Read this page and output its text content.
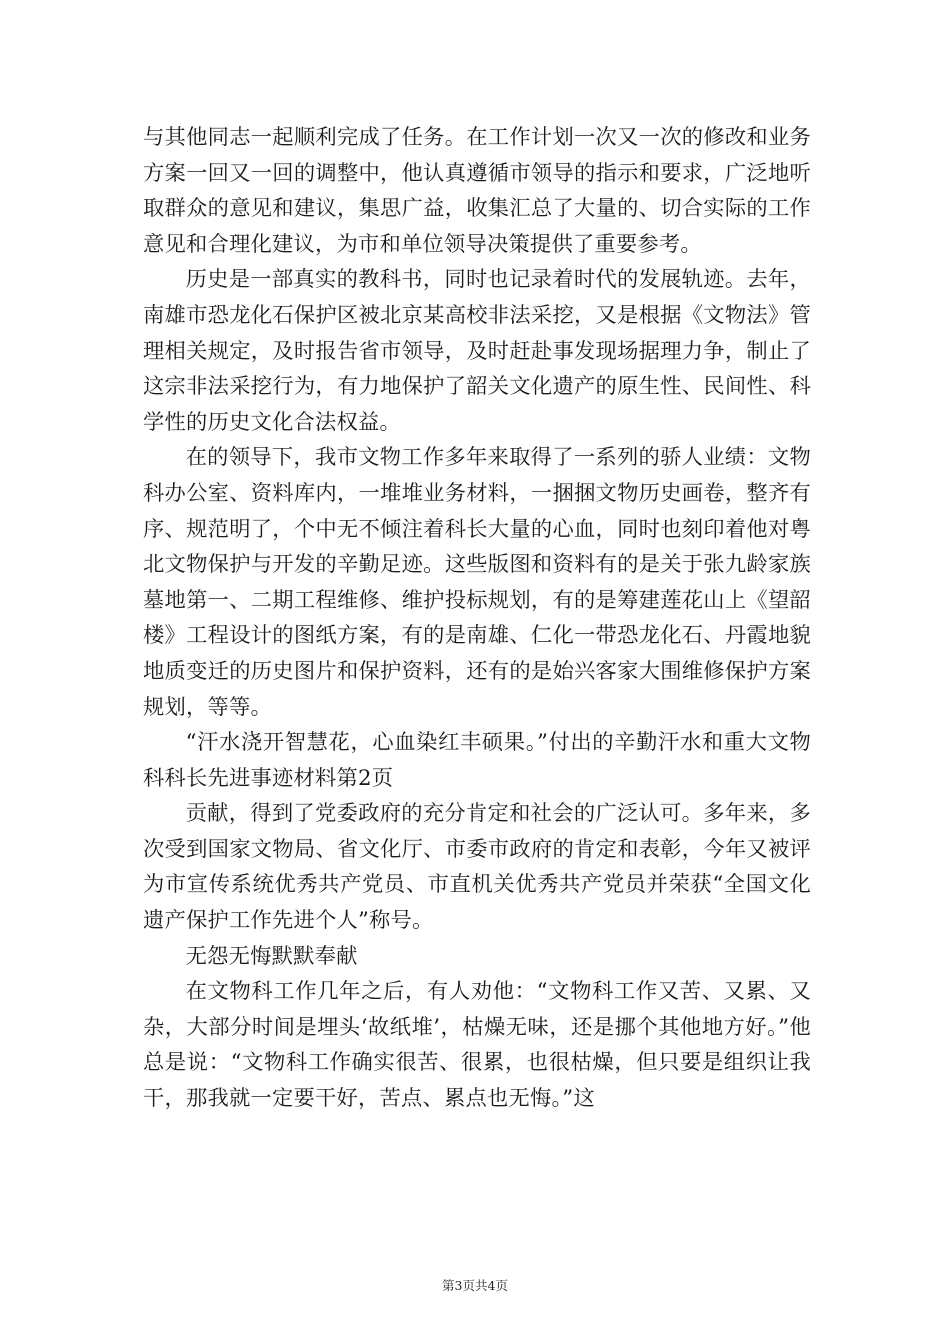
与其他同志一起顺利完成了任务。在工作计划一次又一次的修改和业务方案一回又一回的调整中，他认真遵循市领导的指示和要求，广泛地听取群众的意见和建议，集思广益，收集汇总了大量的、切合实际的工作意见和合理化建议，为市和单位领导决策提供了重要参考。

历史是一部真实的教科书，同时也记录着时代的发展轨迹。去年，南雄市恐龙化石保护区被北京某高校非法采挖，又是根据《文物法》管理相关规定，及时报告省市领导，及时赶赴事发现场据理力争，制止了这宗非法采挖行为，有力地保护了韶关文化遗产的原生性、民间性、科学性的历史文化合法权益。

在的领导下，我市文物工作多年来取得了一系列的骄人业绩：文物科办公室、资料库内，一堆堆业务材料，一捆捆文物历史画卷，整齐有序、规范明了，个中无不倾注着科长大量的心血，同时也刻印着他对粤北文物保护与开发的辛勤足迹。这些版图和资料有的是关于张九龄家族墓地第一、二期工程维修、维护投标规划，有的是筹建莲花山上《望韶楼》工程设计的图纸方案，有的是南雄、仁化一带恐龙化石、丹霞地貌地质变迁的历史图片和保护资料，还有的是始兴客家大围维修保护方案规划，等等。

“汗水浇开智慧花，心血染红丰硕果。”付出的辛勤汗水和重大文物科科长先进事迹材料第2页

贡献，得到了党委政府的充分肯定和社会的广泛认可。多年来，多次受到国家文物局、省文化厅、市委市政府的肯定和表彰，今年又被评为市宣传系统优秀共产党员、市直机关优秀共产党员并荣获“全国文化遗产保护工作先进个人”称号。

无怨无悔默默奉献

在文物科工作几年之后，有人劝他：“文物科工作又苦、又累、又杂，大部分时间是埋头‘故纸堆’，枯燥无味，还是挪个其他地方好。”他总是说：“文物科工作确实很苦、很累，也很枯燥，但只要是组织让我干，那我就一定要干好，苦点、累点也无悔。”这

第3页共4页
